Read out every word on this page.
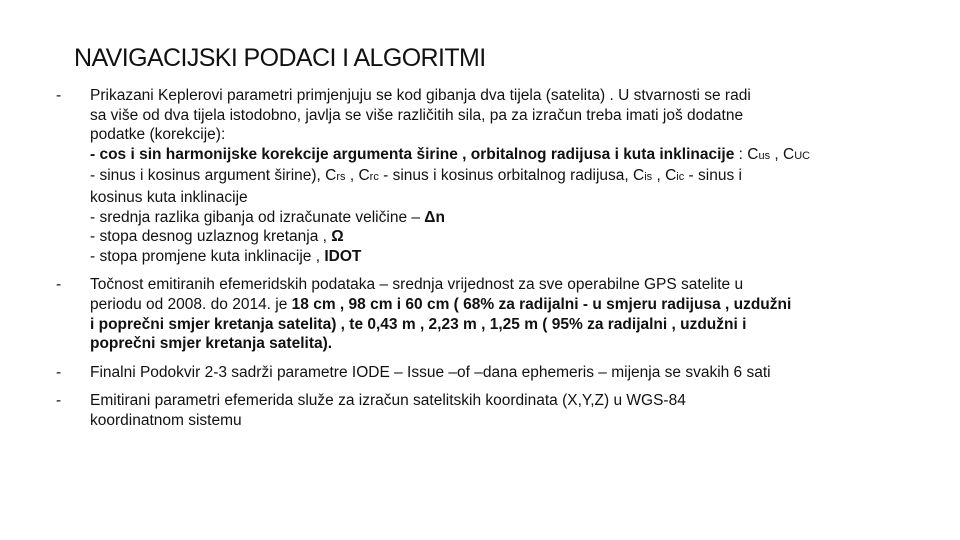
NAVIGACIJSKI PODACI I ALGORITMI
-	Prikazani Keplerovi parametri primjenjuju se kod gibanja dva tijela (satelita) . U stvarnosti se radi
sa više od dva tijela istodobno, javlja se više različitih sila, pa za izračun treba imati još dodatne
podatke (korekcije):
- cos i sin harmonijske korekcije argumenta širine , orbitalnog radijusa i kuta inklinacije : Cus , CUC
- sinus i kosinus argument širine), Crs , Crc - sinus i kosinus orbitalnog radijusa, Cis , Cic - sinus i
kosinus kuta inklinacije
- srednja razlika gibanja od izračunate veličine – Δn
- stopa desnog uzlaznog kretanja , Ω
- stopa promjene kuta inklinacije , IDOT
-	Točnost emitiranih efemeridskih podataka – srednja vrijednost za sve operabilne GPS satelite u
periodu od 2008. do 2014. je 18 cm , 98 cm i 60 cm ( 68% za radijalni - u smjeru radijusa , uzdužni
i poprečni smjer kretanja satelita) , te 0,43 m , 2,23 m , 1,25 m ( 95% za radijalni , uzdužni i
poprečni smjer kretanja satelita).
-	Finalni Podokvir 2-3 sadrži parametre IODE – Issue –of –dana ephemeris – mijenja se svakih 6 sati
-	Emitirani parametri efemerida služe za izračun satelitskih koordinata (X,Y,Z) u WGS-84
koordinatnom sistemu
